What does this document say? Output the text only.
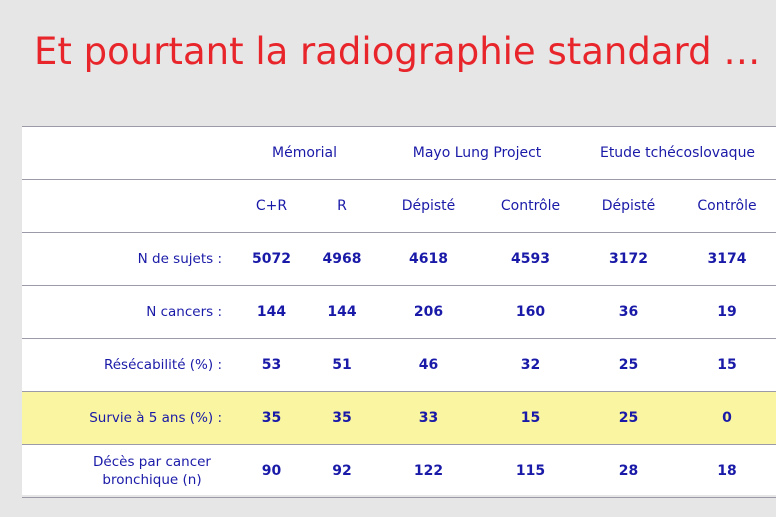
Et pourtant la radiographie standard …
	Mémorial		Mayo Lung Project		Etude tchécoslovaque	
	C+R	R	Dépisté	Contrôle	Dépisté	Contrôle
N de sujets :	5072	4968	4618	4593	3172	3174
N cancers :	144	144	206	160	36	19
Résécabilité (%) :	53	51	46	32	25	15
Survie à 5 ans (%) :	35	35	33	15	25	0
Décès par cancer bronchique (n)	90	92	122	115	28	18
